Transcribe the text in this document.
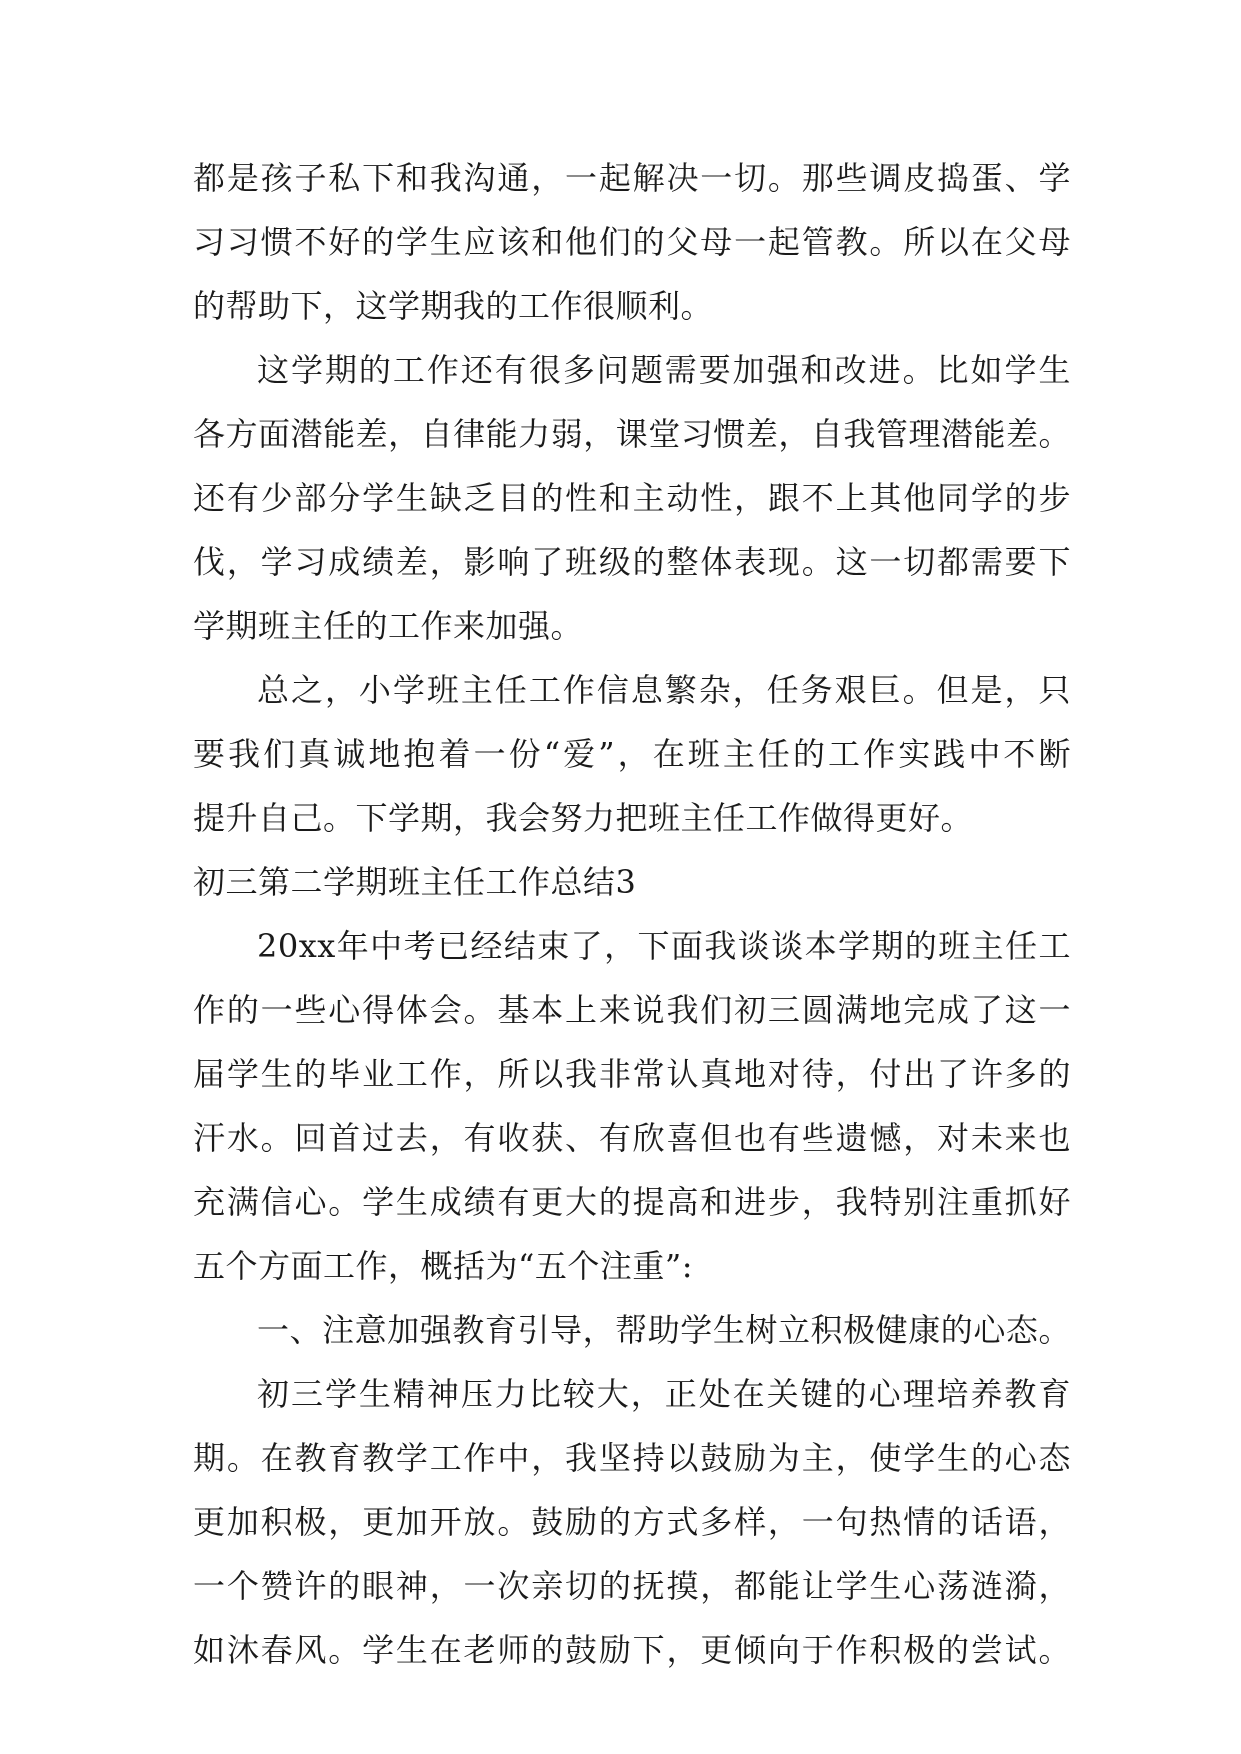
都是孩子私下和我沟通，一起解决一切。那些调皮捣蛋、学
习习惯不好的学生应该和他们的父母一起管教。所以在父母
的帮助下，这学期我的工作很顺利。
这学期的工作还有很多问题需要加强和改进。比如学生
各方面潜能差，自律能力弱，课堂习惯差，自我管理潜能差。
还有少部分学生缺乏目的性和主动性，跟不上其他同学的步
伐，学习成绩差，影响了班级的整体表现。这一切都需要下
学期班主任的工作来加强。
总之，小学班主任工作信息繁杂，任务艰巨。但是，只
要我们真诚地抱着一份“爱”，在班主任的工作实践中不断
提升自己。下学期，我会努力把班主任工作做得更好。
初三第二学期班主任工作总结3
20xx年中考已经结束了，下面我谈谈本学期的班主任工
作的一些心得体会。基本上来说我们初三圆满地完成了这一
届学生的毕业工作，所以我非常认真地对待，付出了许多的
汗水。回首过去，有收获、有欣喜但也有些遗憾，对未来也
充满信心。学生成绩有更大的提高和进步，我特别注重抓好
五个方面工作，概括为“五个注重”:
一、注意加强教育引导，帮助学生树立积极健康的心态。
初三学生精神压力比较大，正处在关键的心理培养教育
期。在教育教学工作中，我坚持以鼓励为主，使学生的心态
更加积极，更加开放。鼓励的方式多样，一句热情的话语，
一个赞许的眼神，一次亲切的抚摸，都能让学生心荡涟漪，
如沐春风。学生在老师的鼓励下，更倾向于作积极的尝试。
